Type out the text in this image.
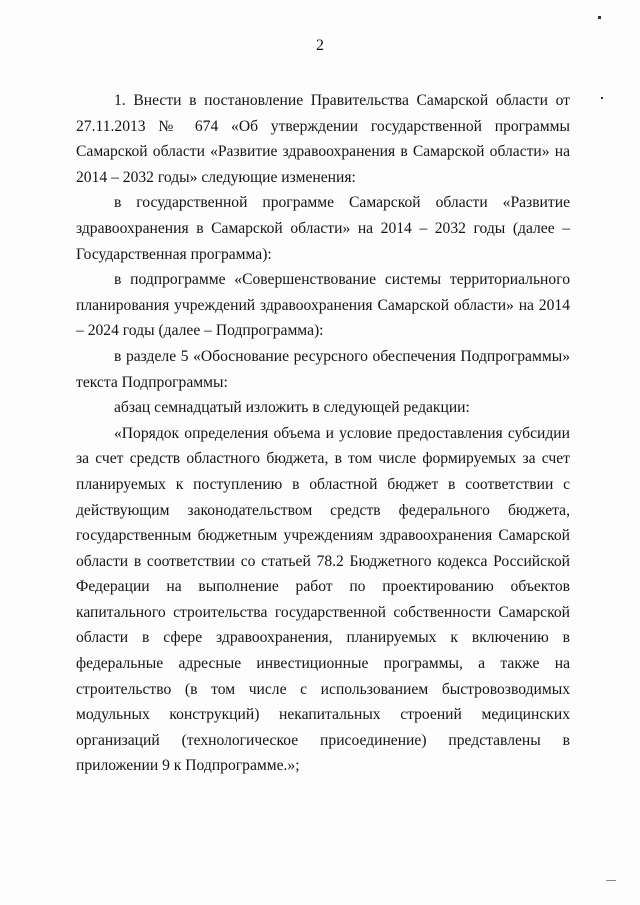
2

1. Внести в постановление Правительства Самарской области от 27.11.2013 № 674 «Об утверждении государственной программы Самарской области «Развитие здравоохранения в Самарской области» на 2014 – 2032 годы» следующие изменения:

в государственной программе Самарской области «Развитие здравоохранения в Самарской области» на 2014 – 2032 годы (далее – Государственная программа):

в подпрограмме «Совершенствование системы территориального планирования учреждений здравоохранения Самарской области» на 2014 – 2024 годы (далее – Подпрограмма):

в разделе 5 «Обоснование ресурсного обеспечения Подпрограммы» текста Подпрограммы:

абзац семнадцатый изложить в следующей редакции:

«Порядок определения объема и условие предоставления субсидии за счет средств областного бюджета, в том числе формируемых за счет планируемых к поступлению в областной бюджет в соответствии с действующим законодательством средств федерального бюджета, государственным бюджетным учреждениям здравоохранения Самарской области в соответствии со статьей 78.2 Бюджетного кодекса Российской Федерации на выполнение работ по проектированию объектов капитального строительства государственной собственности Самарской области в сфере здравоохранения, планируемых к включению в федеральные адресные инвестиционные программы, а также на строительство (в том числе с использованием быстровозводимых модульных конструкций) некапитальных строений медицинских организаций (технологическое присоединение) представлены в приложении 9 к Подпрограмме.»;
